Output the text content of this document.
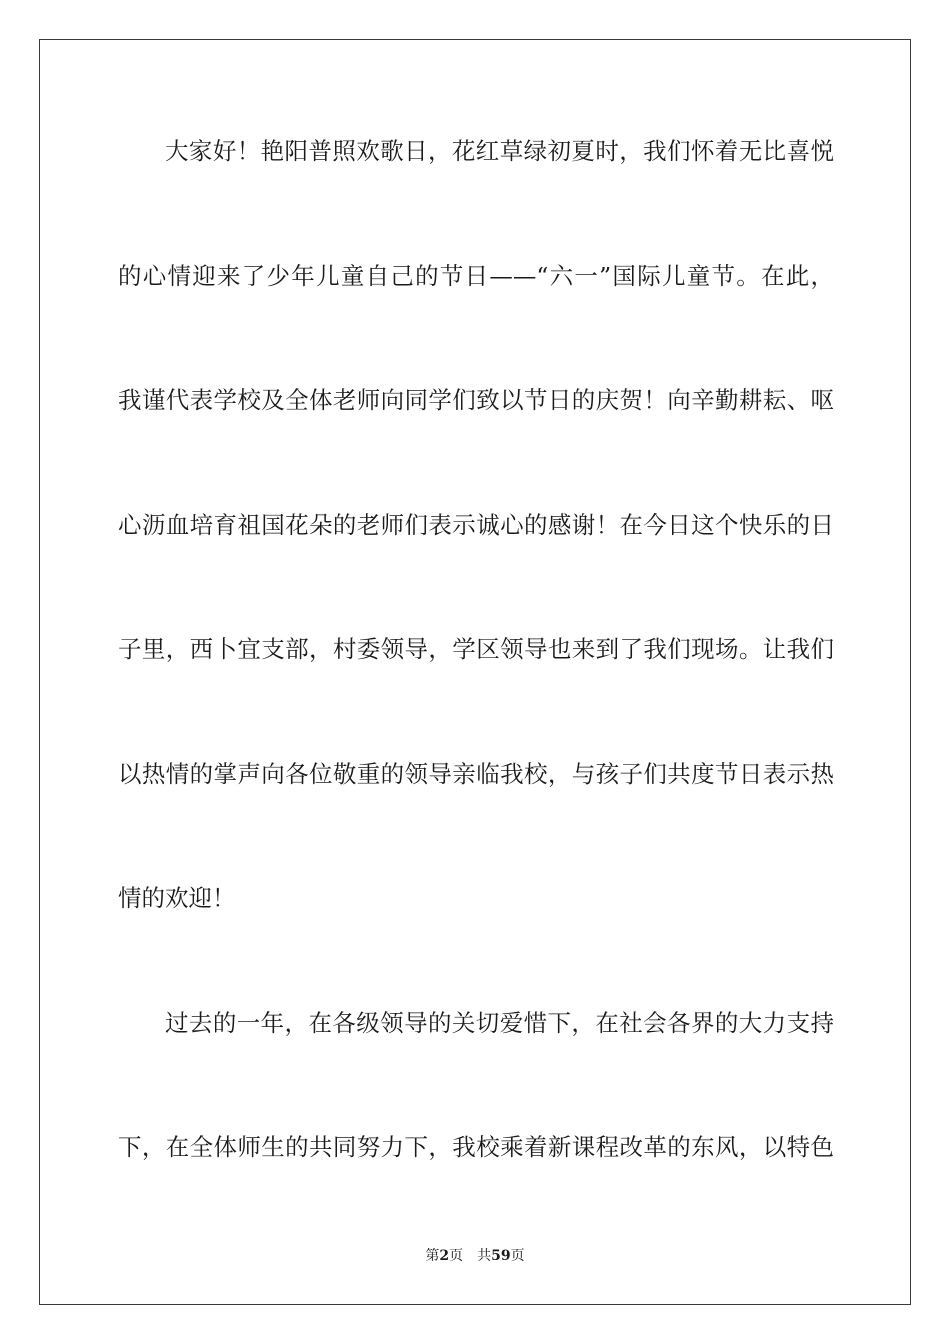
大家好！艳阳普照欢歌日，花红草绿初夏时，我们怀着无比喜悦
的心情迎来了少年儿童自己的节日——“六一”国际儿童节。在此，
我谨代表学校及全体老师向同学们致以节日的庆贺！向辛勤耕耘、呕
心沥血培育祖国花朵的老师们表示诚心的感谢！在今日这个快乐的日
子里，西卜宜支部，村委领导，学区领导也来到了我们现场。让我们
以热情的掌声向各位敬重的领导亲临我校，与孩子们共度节日表示热
情的欢迎！
过去的一年，在各级领导的关切爱惜下，在社会各界的大力支持
下，在全体师生的共同努力下，我校乘着新课程改革的东风，以特色
第2页 共59页
